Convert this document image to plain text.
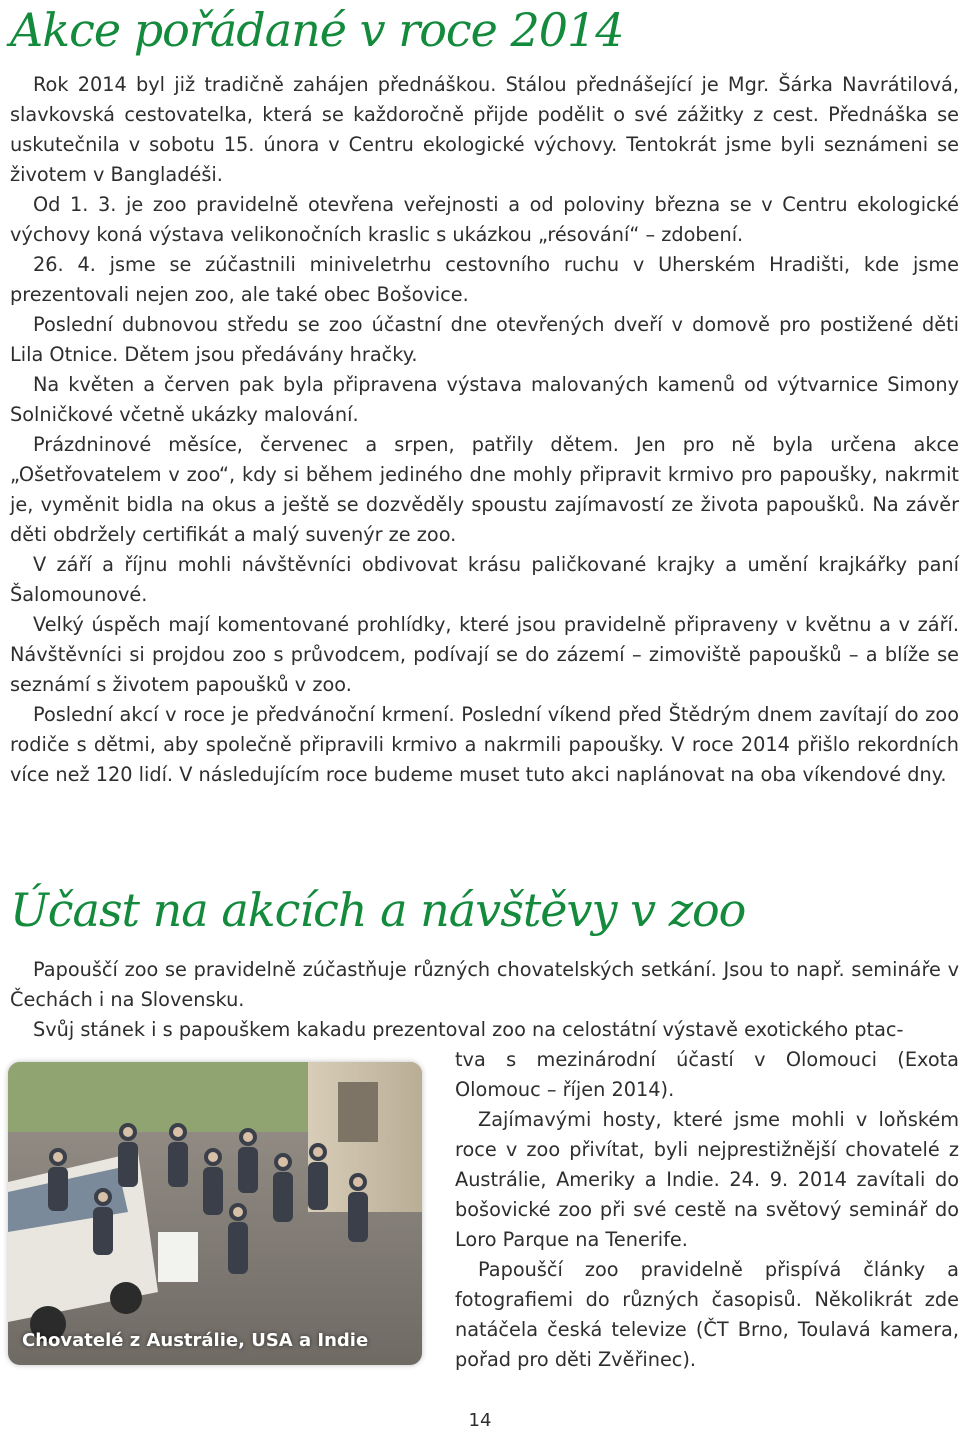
Akce pořádané v roce 2014

Rok 2014 byl již tradičně zahájen přednáškou. Stálou přednášející je Mgr. Šárka Navrátilová, slavkovská cestovatelka, která se každoročně přijde podělit o své zážitky z cest. Přednáška se uskutečnila v sobotu 15. února v Centru ekologické výchovy. Tentokrát jsme byli seznámeni se životem v Bangladéši.

Od 1. 3. je zoo pravidelně otevřena veřejnosti a od poloviny března se v Centru ekologické výchovy koná výstava velikonočních kraslic s ukázkou „résování“ – zdobení.

26. 4. jsme se zúčastnili miniveletrhu cestovního ruchu v Uherském Hradišti, kde jsme prezentovali nejen zoo, ale také obec Bošovice.

Poslední dubnovou středu se zoo účastní dne otevřených dveří v domově pro postižené děti Lila Otnice. Dětem jsou předávány hračky.

Na květen a červen pak byla připravena výstava malovaných kamenů od výtvarnice Simony Solničkové včetně ukázky malování.

Prázdninové měsíce, červenec a srpen, patřily dětem. Jen pro ně byla určena akce „Ošetřovatelem v zoo“, kdy si během jediného dne mohly připravit krmivo pro papoušky, nakrmit je, vyměnit bidla na okus a ještě se dozvěděly spoustu zajímavostí ze života papoušků. Na závěr děti obdržely certifikát a malý suvenýr ze zoo.

V září a říjnu mohli návštěvníci obdivovat krásu paličkované krajky a umění krajkářky paní Šalomounové.

Velký úspěch mají komentované prohlídky, které jsou pravidelně připraveny v květnu a v září. Návštěvníci si projdou zoo s průvodcem, podívají se do zázemí – zimoviště papoušků – a blíže se seznámí s životem papoušků v zoo.

Poslední akcí v roce je předvánoční krmení. Poslední víkend před Štědrým dnem zavítají do zoo rodiče s dětmi, aby společně připravili krmivo a nakrmili papoušky. V roce 2014 přišlo rekordních více než 120 lidí. V následujícím roce budeme muset tuto akci naplánovat na oba víkendové dny.

Účast na akcích a návštěvy v zoo

Papouščí zoo se pravidelně zúčastňuje různých chovatelských setkání. Jsou to např. semináře v Čechách i na Slovensku.

Svůj stánek i s papouškem kakadu prezentoval zoo na celostátní výstavě exotického ptac-

Chovatelé z Austrálie, USA a Indie

tva s mezinárodní účastí v Olomouci (Exota Olomouc – říjen 2014).

Zajímavými hosty, které jsme mohli v loňském roce v zoo přivítat, byli nejprestižnější chovatelé z Austrálie, Ameriky a Indie. 24. 9. 2014 zavítali do bošovické zoo při své cestě na světový seminář do Loro Parque na Tenerife.

Papouščí zoo pravidelně přispívá články a fotografiemi do různých časopisů. Několikrát zde natáčela česká televize (ČT Brno, Toulavá kamera, pořad pro děti Zvěřinec).

14
